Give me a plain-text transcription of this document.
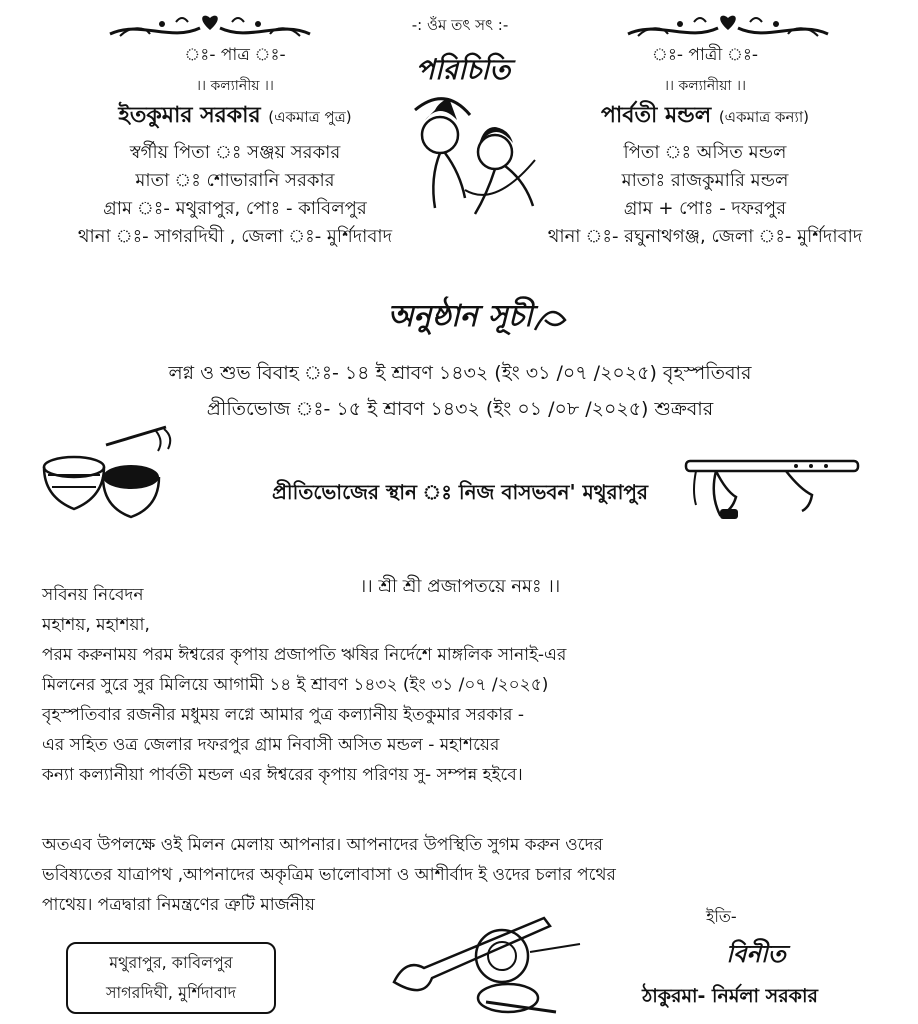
-: ওঁম তৎ সৎ :-
ঃ- পাত্র ঃ-
।। কল্যানীয় ।।
ইতকুমার সরকার (একমাত্র পুত্র)
স্বর্গীয় পিতা ঃ সঞ্জয় সরকার
মাতা ঃ শোভারানি সরকার
গ্রাম ঃ- মথুরাপুর, পোঃ - কাবিলপুর
থানা ঃ- সাগরদিঘী , জেলা ঃ- মুর্শিদাবাদ
পরিচিতি	ঃ- পাত্রী ঃ-
।। কল্যানীয়া ।।
পার্বতী মন্ডল (একমাত্র কন্যা)
পিতা ঃ অসিত মন্ডল
মাতাঃ রাজকুমারি মন্ডল
গ্রাম + পোঃ - দফরপুর
থানা ঃ- রঘুনাথগঞ্জ, জেলা ঃ- মুর্শিদাবাদ
অনুষ্ঠান সূচী
লগ্ন ও শুভ বিবাহ ঃ- ১৪ ই শ্রাবণ ১৪৩২ (ইং ৩১ /০৭ /২০২৫) বৃহস্পতিবার
প্রীতিভোজ ঃ- ১৫ ই শ্রাবণ ১৪৩২ (ইং ০১ /০৮ /২০২৫) শুক্রবার
প্রীতিভোজের স্থান ঃ নিজ বাসভবন' মথুরাপুর
।। শ্রী শ্রী প্রজাপতয়ে নমঃ ।।

সবিনয় নিবেদন

মহাশয়, মহাশয়া,

পরম করুনাময় পরম ঈশ্বরের কৃপায় প্রজাপতি ঋষির নির্দেশে মাঙ্গলিক সানাই-এর

মিলনের সুরে সুর মিলিয়ে আগামী ১৪ ই শ্রাবণ ১৪৩২ (ইং ৩১ /০৭ /২০২৫)

বৃহস্পতিবার রজনীর মধুময় লগ্নে আমার পুত্র কল্যানীয় ইতকুমার সরকার -

এর সহিত ওত্র জেলার দফরপুর গ্রাম নিবাসী অসিত মন্ডল - মহাশয়ের

কন্যা কল্যানীয়া পার্বতী মন্ডল এর ঈশ্বরের কৃপায় পরিণয় সু- সম্পন্ন হইবে।

অতএব উপলক্ষে ওই মিলন মেলায় আপনার। আপনাদের উপস্থিতি সুগম করুন ওদের

ভবিষ্যতের যাত্রাপথ ,আপনাদের অকৃত্রিম ভালোবাসা ও আশীর্বাদ ই ওদের চলার পথের

পাথেয়। পত্রদ্বারা নিমন্ত্রণের ত্রুটি মার্জনীয়

মথুরাপুর, কাবিলপুর
সাগরদিঘী, মুর্শিদাবাদ
ইতি-
বিনীত
ঠাকুরমা- নির্মলা সরকার
